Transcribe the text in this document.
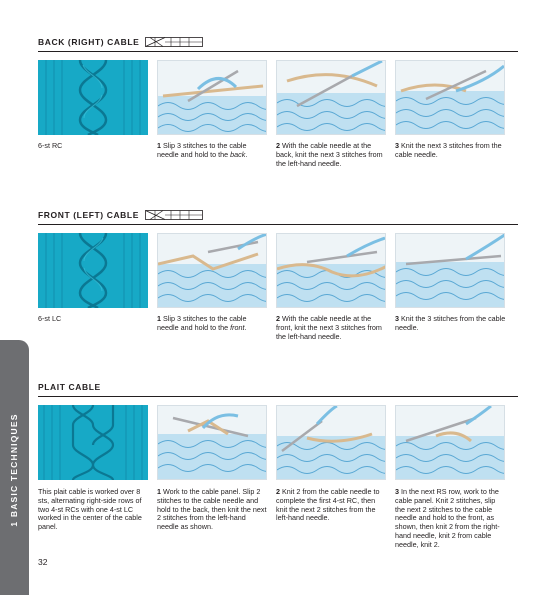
1 BASIC TECHNIQUES
BACK (RIGHT) CABLE
6-st RC	1 Slip 3 stitches to the cable needle and hold to the back.
2 With the cable needle at the back, knit the next 3 stitches from the left-hand needle.
3 Knit the next 3 stitches from the cable needle.
FRONT (LEFT) CABLE
6-st LC	1 Slip 3 stitches to the cable needle and hold to the front.
2 With the cable needle at the front, knit the next 3 stitches from the left-hand needle.
3 Knit the 3 stitches from the cable needle.
PLAIT CABLE
This plait cable is worked over 8 sts, alternating right-side rows of two 4-st RCs with one 4-st LC worked in the center of the cable panel.
1 Work to the cable panel. Slip 2 stitches to the cable needle and hold to the back, then knit the next 2 stitches from the left-hand needle as shown.
2 Knit 2 from the cable needle to complete the first 4-st RC, then knit the next 2 stitches from the left-hand needle.
3 In the next RS row, work to the cable panel. Knit 2 stitches, slip the next 2 stitches to the cable needle and hold to the front, as shown, then knit 2 from the right-hand needle, knit 2 from cable needle, knit 2.
32
